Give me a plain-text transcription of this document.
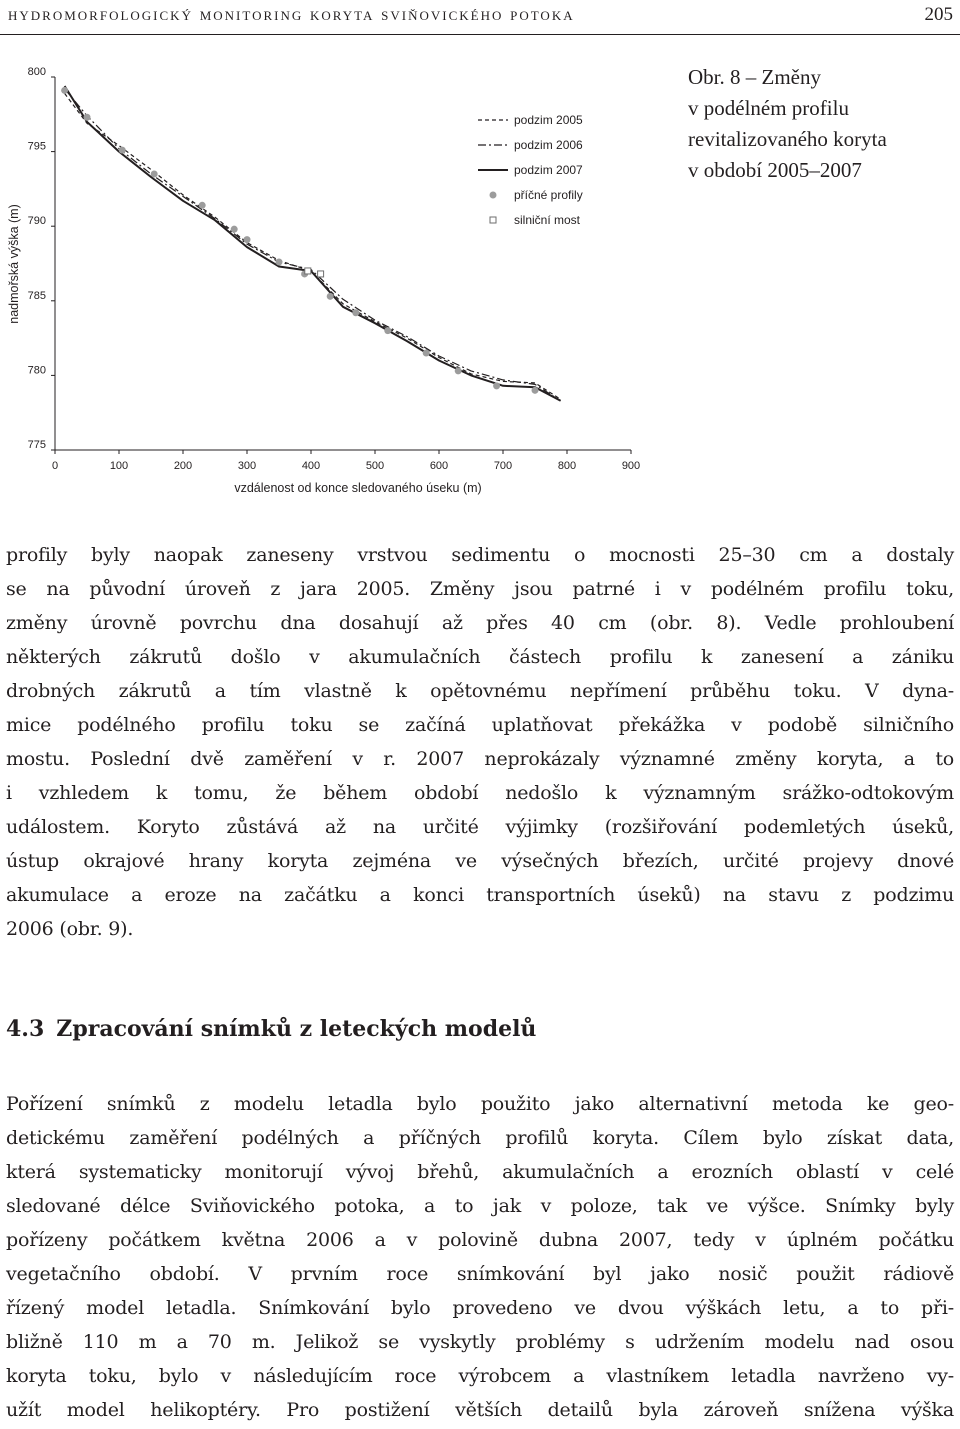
hydromorfologický monitoring koryta sviňovického potoka	205
0	100	200	300	400	500	600	700	800	900
800
795
790
785
780
775
vzdálenost od konce sledovaného úseku (m)
nadmořská výška (m)
podzim 2005
podzim 2006
podzim 2007
příčné profily
silniční most
Obr. 8 – Změny
v podélném profilu
revitalizovaného koryta
v období 2005–2007
profily byly naopak zaneseny vrstvou sedimentu o mocnosti 25–30 cm a dostaly
se na původní úroveň z jara 2005. Změny jsou patrné i v podélném profilu toku,
změny úrovně povrchu dna dosahují až přes 40 cm (obr. 8). Vedle prohloubení
některých zákrutů došlo v akumulačních částech profilu k zanesení a zániku
drobných zákrutů a tím vlastně k opětovnému nepřímení průběhu toku. V dyna-
mice podélného profilu toku se začíná uplatňovat překážka v podobě silničního
mostu. Poslední dvě zaměření v r. 2007 neprokázaly významné změny koryta, a to
i vzhledem k tomu, že během období nedošlo k významným srážko-odtokovým
událostem. Koryto zůstává až na určité výjimky (rozšiřování podemletých úseků,
ústup okrajové hrany koryta zejména ve výsečných březích, určité projevy dnové
akumulace a eroze na začátku a konci transportních úseků) na stavu z podzimu
2006 (obr. 9).
4.3 Zpracování snímků z leteckých modelů
Pořízení snímků z modelu letadla bylo použito jako alternativní metoda ke geo-
detickému zaměření podélných a příčných profilů koryta. Cílem bylo získat data,
která systematicky monitorují vývoj břehů, akumulačních a erozních oblastí v celé
sledované délce Sviňovického potoka, a to jak v poloze, tak ve výšce. Snímky byly
pořízeny počátkem května 2006 a v polovině dubna 2007, tedy v úplném počátku
vegetačního období. V prvním roce snímkování byl jako nosič použit rádiově
řízený model letadla. Snímkování bylo provedeno ve dvou výškách letu, a to při-
bližně 110 m a 70 m. Jelikož se vyskytly problémy s udržením modelu nad osou
koryta toku, bylo v následujícím roce výrobcem a vlastníkem letadla navrženo vy-
užít model helikoptéry. Pro postižení větších detailů byla zároveň snížena výška
